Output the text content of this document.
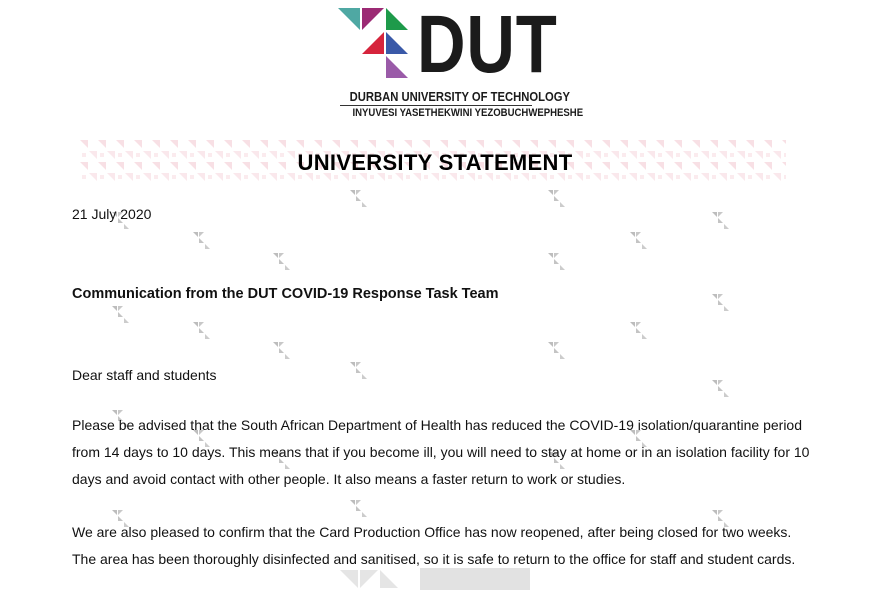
DUT
DURBAN UNIVERSITY OF TECHNOLOGY
INYUVESI YASETHEKWINI YEZOBUCHWEPHESHE
UNIVERSITY STATEMENT
21 July 2020
Communication from the DUT COVID-19 Response Task Team
Dear staff and students
Please be advised that the South African Department of Health has reduced the COVID-19 isolation/quarantine period from 14 days to 10 days. This means that if you become ill, you will need to stay at home or in an isolation facility for 10 days and avoid contact with other people. It also means a faster return to work or studies.
We are also pleased to confirm that the Card Production Office has now reopened, after being closed for two weeks. The area has been thoroughly disinfected and sanitised, so it is safe to return to the office for staff and student cards.
